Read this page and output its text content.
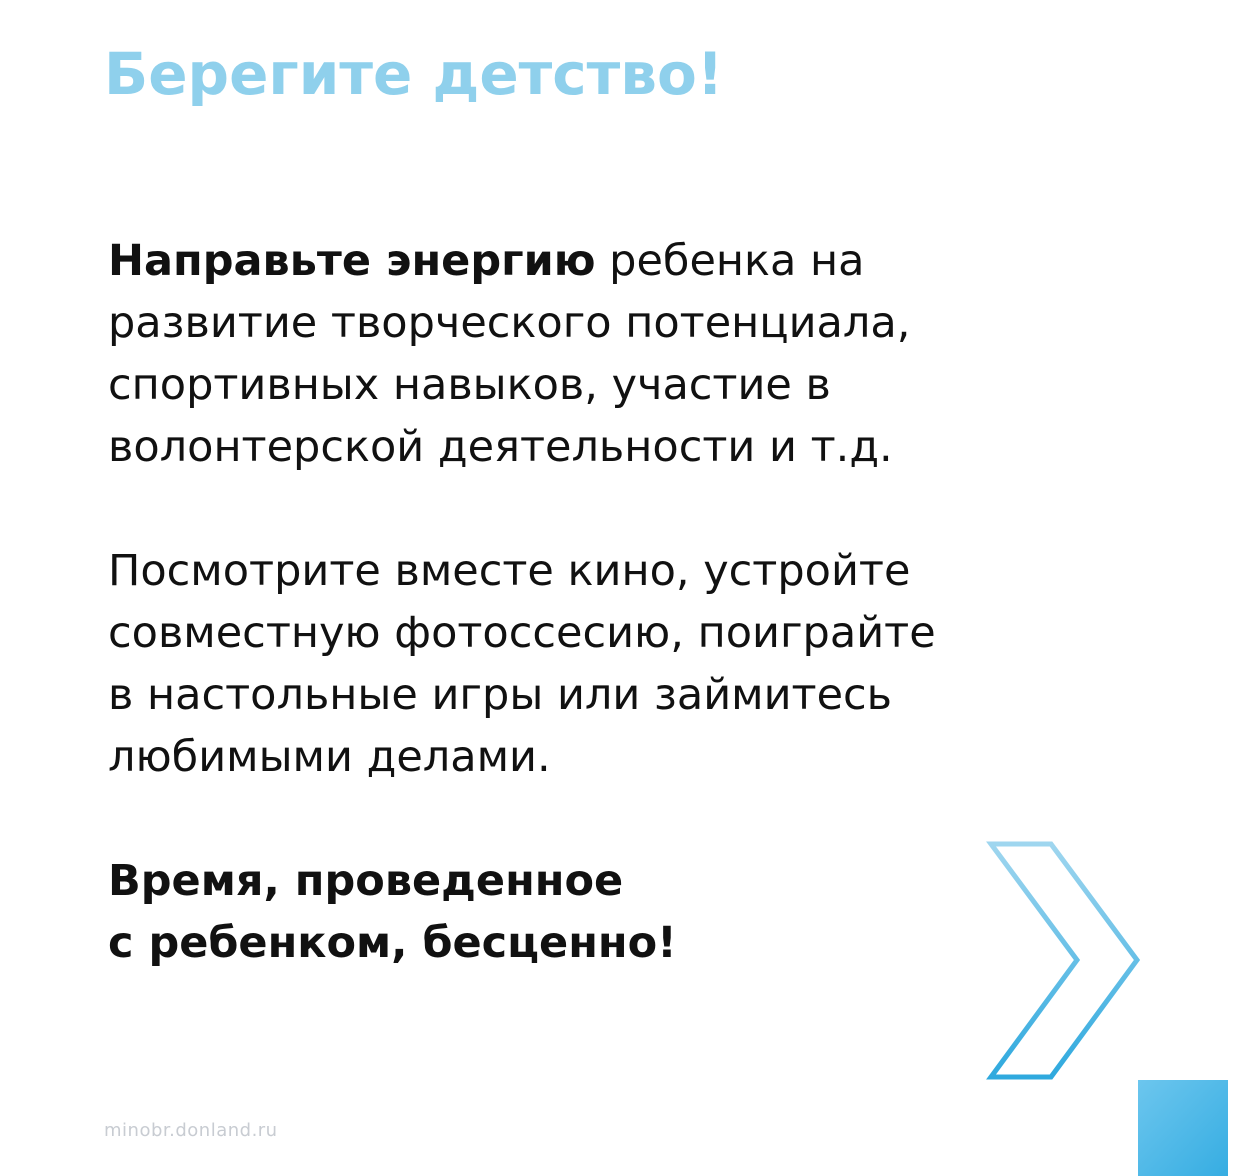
Берегите детство!

Направьте энергию ребенка на
развитие творческого потенциала,
спортивных навыков, участие в
волонтерской деятельности и т.д.

Посмотрите вместе кино, устройте
совместную фотоссесию, поиграйте
в настольные игры или займитесь
любимыми делами.

Время, проведенное
с ребенком, бесценно!

minobr.donland.ru
